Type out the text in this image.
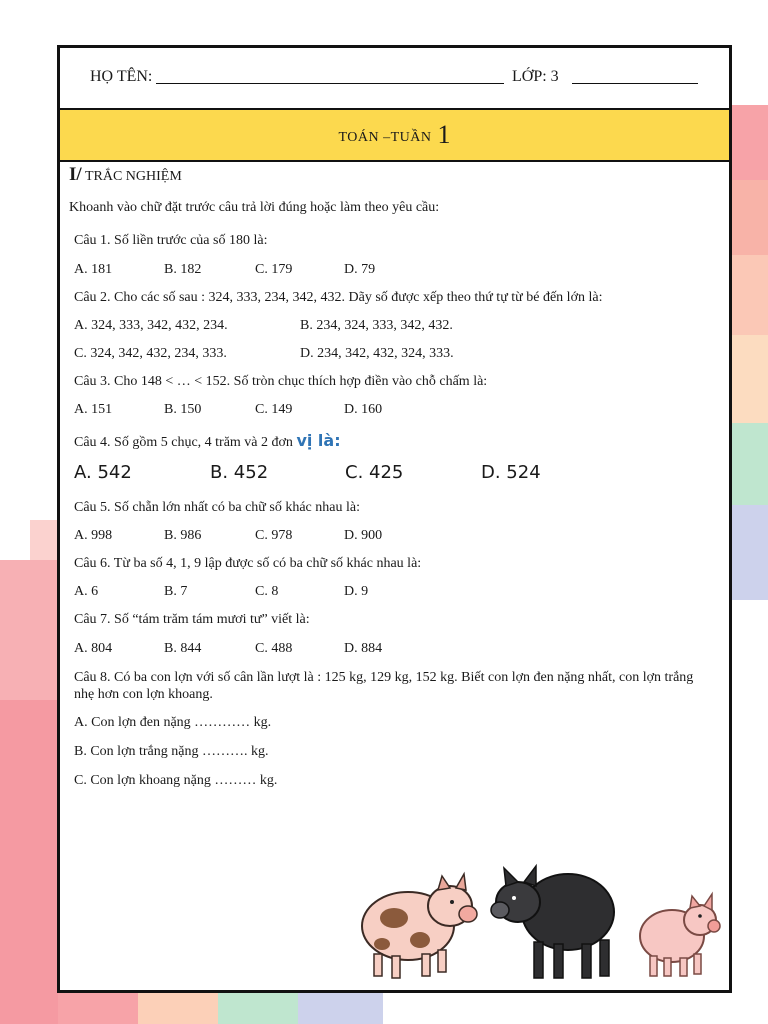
HỌ TÊN:	LỚP: 3
TOÁN –TUẦN 1
I/ TRẮC NGHIỆM
Khoanh vào chữ đặt trước câu trả lời đúng hoặc làm theo yêu cầu:
Câu 1. Số liền trước của số 180 là:
A. 181	B. 182	C. 179	D. 79
Câu 2. Cho các số sau : 324, 333, 234, 342, 432. Dãy số được xếp theo thứ tự từ bé đến lớn là:
A. 324, 333, 342, 432, 234.	B. 234, 324, 333, 342, 432.
C. 324, 342, 432, 234, 333.	D. 234, 342, 432, 324, 333.
Câu 3. Cho 148 < … < 152. Số tròn chục thích hợp điền vào chỗ chấm là:
A. 151	B. 150	C. 149	D. 160
Câu 4. Số gồm 5 chục, 4 trăm và 2 đơn vị là:
A. 542	B. 452	C. 425	D. 524
Câu 5. Số chẵn lớn nhất có ba chữ số khác nhau là:
A. 998	B. 986	C. 978	D. 900
Câu 6. Từ ba số 4, 1, 9 lập được số có ba chữ số khác nhau là:
A. 6	B. 7	C. 8	D. 9
Câu 7. Số “tám trăm tám mươi tư” viết là:
A. 804	B. 844	C. 488	D. 884
Câu 8. Có ba con lợn với số cân lần lượt là : 125 kg, 129 kg, 152 kg. Biết con lợn đen nặng nhất, con lợn trắng nhẹ hơn con lợn khoang.
A. Con lợn đen nặng ………… kg.
B. Con lợn trắng nặng ………. kg.
C. Con lợn khoang nặng ……… kg.
